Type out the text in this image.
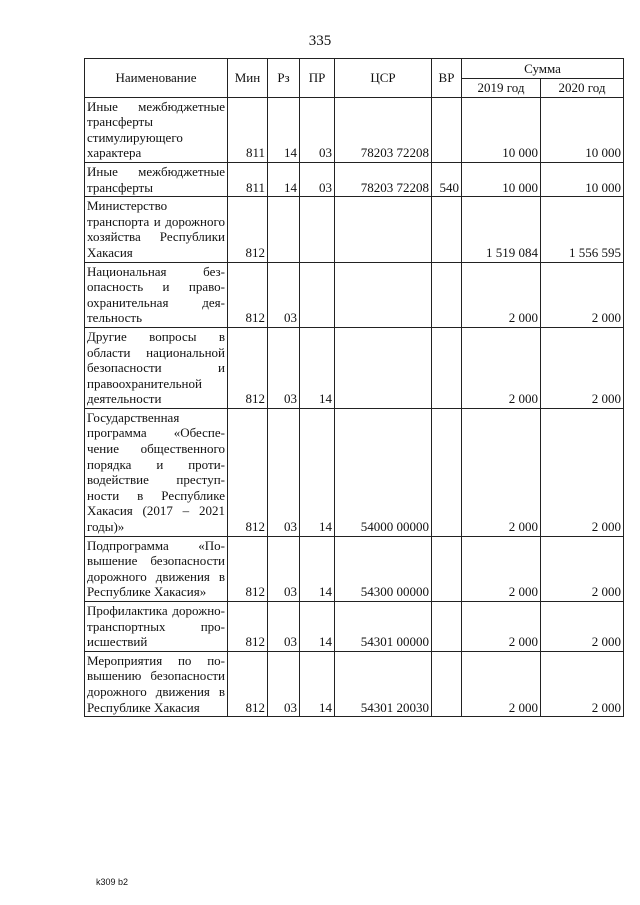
335
Наименование	Мин	Рз	ПР	ЦСР	ВР	Сумма	
						2019 год	2020 год
Иные межбюджетные трансферты стимулирующего характера	811	14	03	78203 72208		10 000	10 000
Иные межбюджетные трансферты	811	14	03	78203 72208	540	10 000	10 000
Министерство транспорта и дорожного хозяйства Республики Хакасия	812					1 519 084	1 556 595
Национальная безопасность и правоохранительная деятельность	812	03				2 000	2 000
Другие вопросы в области национальной безопасности и правоохранительной деятельности	812	03	14			2 000	2 000
Государственная программа «Обеспечение общественного порядка и противодействие преступности в Республике Хакасия (2017 – 2021 годы)»	812	03	14	54000 00000		2 000	2 000
Подпрограмма «Повышение безопасности дорожного движения в Республике Хакасия»	812	03	14	54300 00000		2 000	2 000
Профилактика дорожно-транспортных происшествий	812	03	14	54301 00000		2 000	2 000
Мероприятия по повышению безопасности дорожного движения в Республике Хакасия	812	03	14	54301 20030		2 000	2 000
k309 b2
